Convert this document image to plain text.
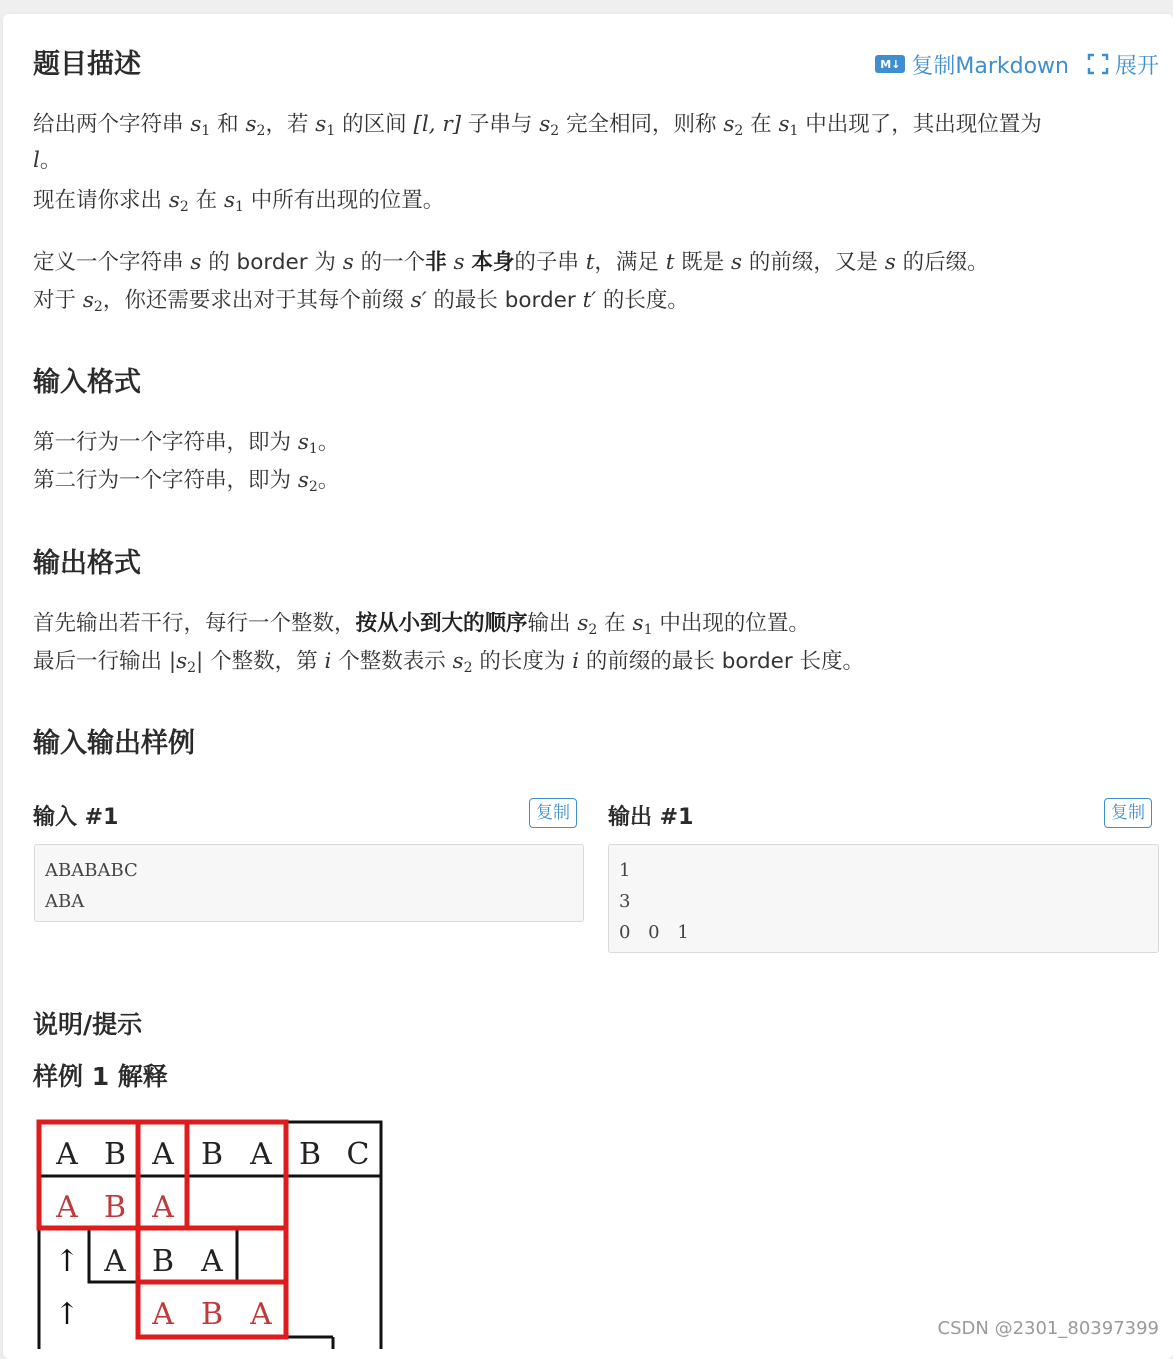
M↓ 复制Markdown 展开
题目描述

给出两个字符串 $s_1$ 和 $s_2$，若 $s_1$ 的区间 [l, r] 子串与 $s_2$ 完全相同，则称 $s_2$ 在 $s_1$ 中出现了，其出现位置为

l。

现在请你求出 $s_2$ 在 $s_1$ 中所有出现的位置。

定义一个字符串 s 的 border 为 s 的一个非 s 本身的子串 t，满足 t 既是 s 的前缀，又是 s 的后缀。

对于 $s_2$，你还需要求出对于其每个前缀 s′ 的最长 border t′ 的长度。

输入格式

第一行为一个字符串，即为 $s_1$。

第二行为一个字符串，即为 $s_2$。

输出格式

首先输出若干行，每行一个整数，按从小到大的顺序输出 $s_2$ 在 $s_1$ 中出现的位置。

最后一行输出 $|s_2|$ 个整数，第 i 个整数表示 $s_2$ 的长度为 i 的前缀的最长 border 长度。

输入输出样例
输入 #1	复制
ABABABC
ABA
输出 #1	复制
1
3
0 0 1
说明/提示
样例 1 解释
A B A B A B C
A B A
↑ A B A
↑ A B A	CSDN @2301_80397399
